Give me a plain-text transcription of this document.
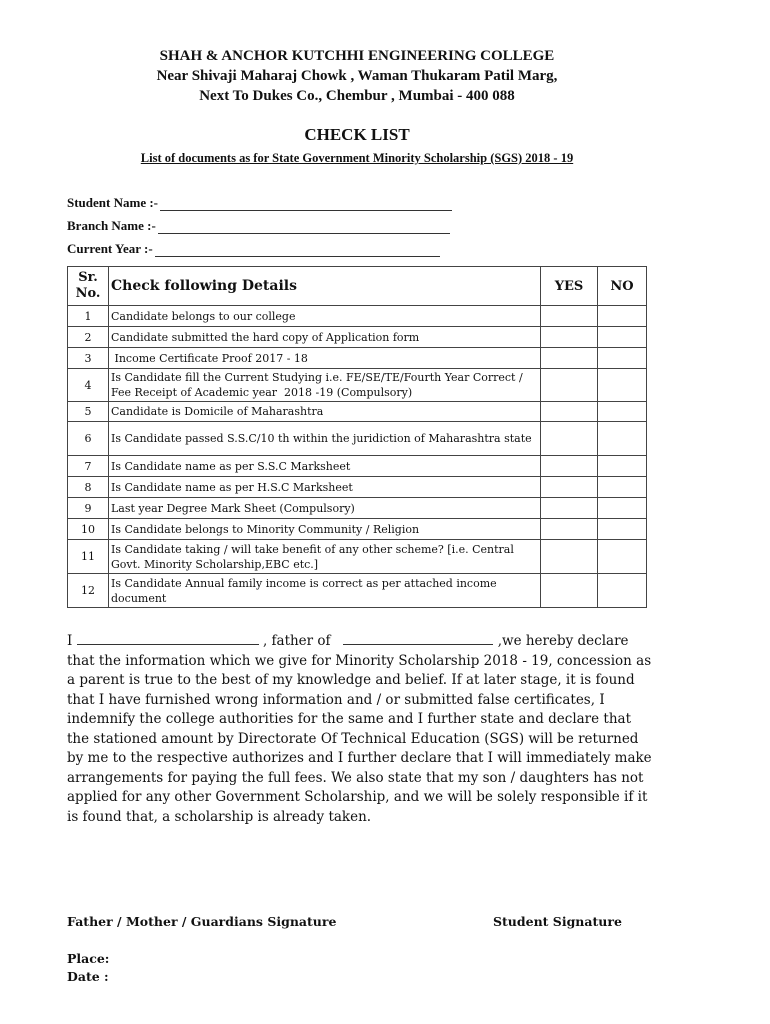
SHAH & ANCHOR KUTCHHI ENGINEERING COLLEGE
Near Shivaji Maharaj Chowk , Waman Thukaram Patil Marg,
Next To Dukes Co., Chembur , Mumbai - 400 088
CHECK LIST
List of documents as for State Government Minority Scholarship (SGS) 2018 - 19
Student Name :-
Branch Name :-
Current Year :-
Sr. No.	Check following Details	YES	NO
1	Candidate belongs to our college		
2	Candidate submitted the hard copy of Application form		
3	Income Certificate Proof 2017 - 18		
4	Is Candidate fill the Current Studying i.e. FE/SE/TE/Fourth Year Correct / Fee Receipt of Academic year  2018 -19 (Compulsory)		
5	Candidate is Domicile of Maharashtra		
6	Is Candidate passed S.S.C/10 th within the juridiction of Maharashtra state		
7	Is Candidate name as per S.S.C Marksheet		
8	Is Candidate name as per H.S.C Marksheet		
9	Last year Degree Mark Sheet (Compulsory)		
10	Is Candidate belongs to Minority Community / Religion		
11	Is Candidate taking / will take benefit of any other scheme? [i.e. Central Govt. Minority Scholarship,EBC etc.]		
12	Is Candidate Annual family income is correct as per attached income document		
I	, father of	,we hereby declare that the information which we give for Minority Scholarship 2018 - 19, concession as a parent is true to the best of my knowledge and belief. If at later stage, it is found that I have furnished wrong information and / or submitted false certificates, I indemnify the college authorities for the same and I further state and declare that the stationed amount by Directorate Of Technical Education (SGS) will be returned by me to the respective authorizes and I further declare that I will immediately make arrangements for paying the full fees. We also state that my son / daughters has not applied for any other Government Scholarship, and we will be solely responsible if it is found that, a scholarship is already taken.
Father / Mother / Guardians Signature	Student Signature
Place:
Date :
